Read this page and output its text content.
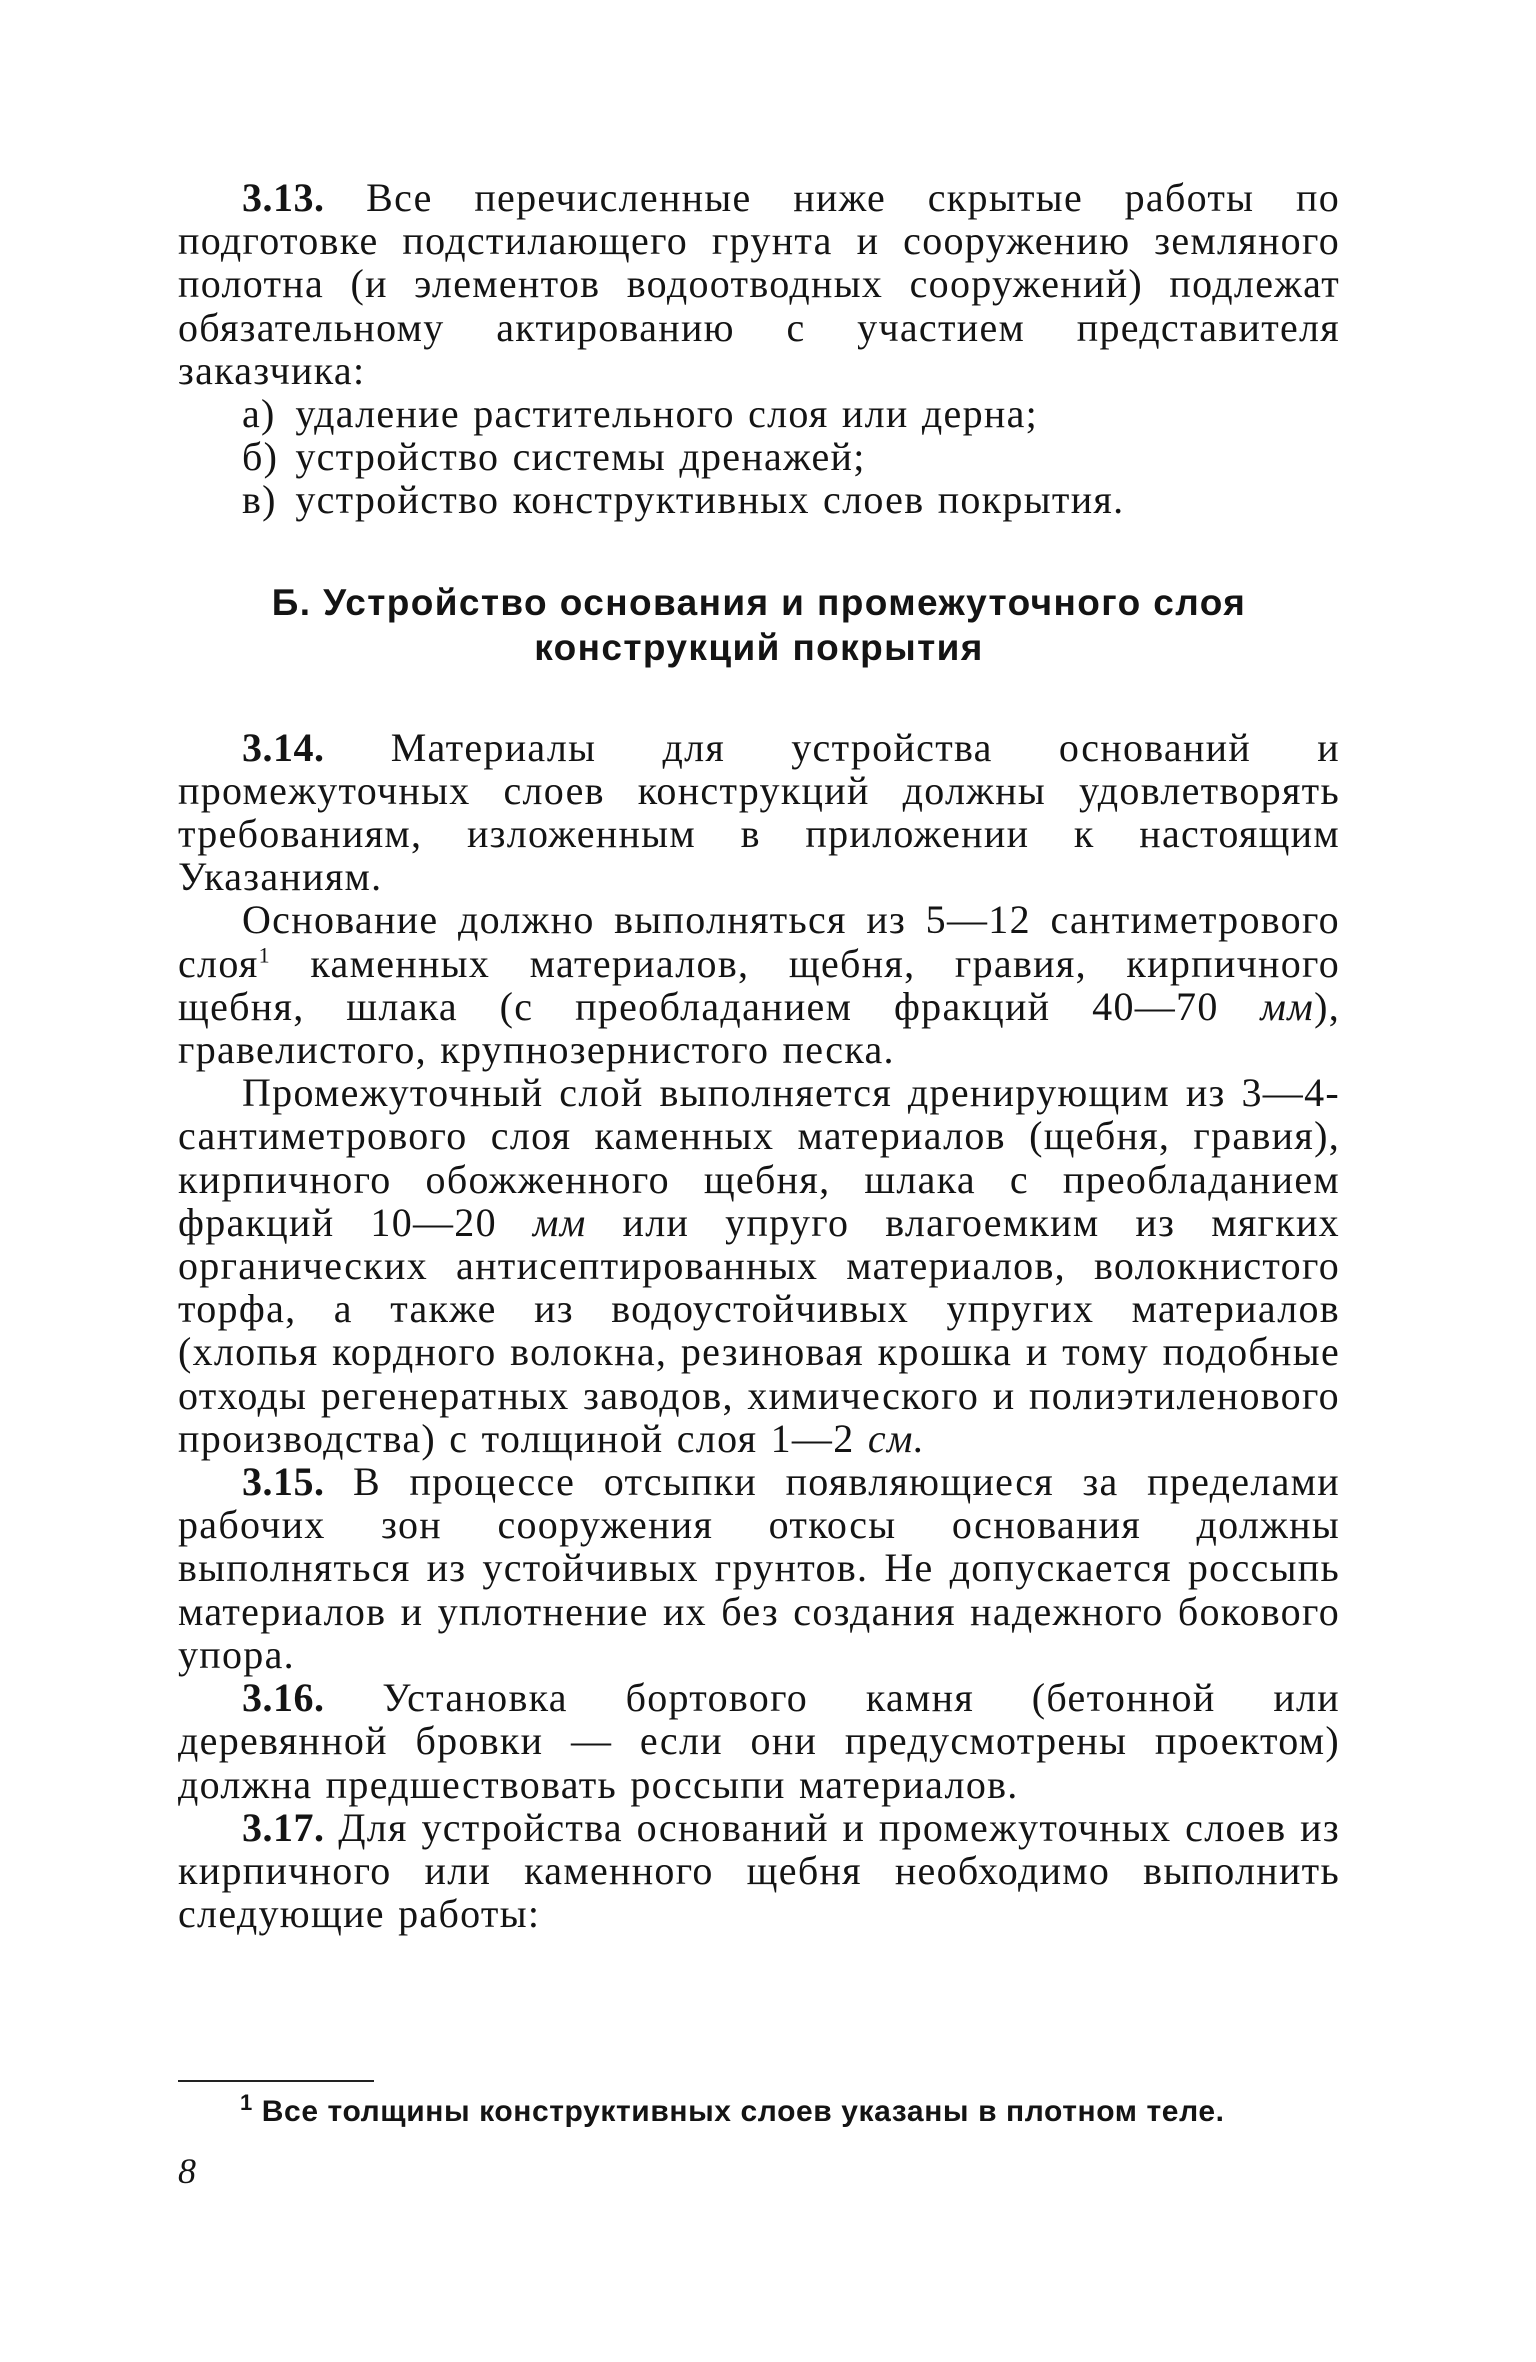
3.13. Все перечисленные ниже скрытые работы по подготовке подстилающего грунта и сооружению земляного полотна (и элементов водоотводных сооружений) подлежат обязательному актированию с участием представителя заказчика:

а) удаление растительного слоя или дерна;
б) устройство системы дренажей;
в) устройство конструктивных слоев покрытия.
Б. Устройство основания и промежуточного слоя
конструкций покрытия

3.14. Материалы для устройства оснований и промежуточных слоев конструкций должны удовлетворять требованиям, изложенным в приложении к настоящим Указаниям.

Основание должно выполняться из 5—12 сантиметрового слоя$^1$ каменных материалов, щебня, гравия, кирпичного щебня, шлака (с преобладанием фракций 40—70 мм), гравелистого, крупнозернистого песка.

Промежуточный слой выполняется дренирующим из 3—4-сантиметрового слоя каменных материалов (щебня, гравия), кирпичного обожженного щебня, шлака с преобладанием фракций 10—20 мм или упруго влагоемким из мягких органических антисептированных материалов, волокнистого торфа, а также из водоустойчивых упругих материалов (хлопья кордного волокна, резиновая крошка и тому подобные отходы регенератных заводов, химического и полиэтиленового производства) с толщиной слоя 1—2 см.

3.15. В процессе отсыпки появляющиеся за пределами рабочих зон сооружения откосы основания должны выполняться из устойчивых грунтов. Не допускается россыпь материалов и уплотнение их без создания надежного бокового упора.

3.16. Установка бортового камня (бетонной или деревянной бровки — если они предусмотрены проектом) должна предшествовать россыпи материалов.

3.17. Для устройства оснований и промежуточных слоев из кирпичного или каменного щебня необходимо выполнить следующие работы:

$^1$ Все толщины конструктивных слоев указаны в плотном теле.
8
